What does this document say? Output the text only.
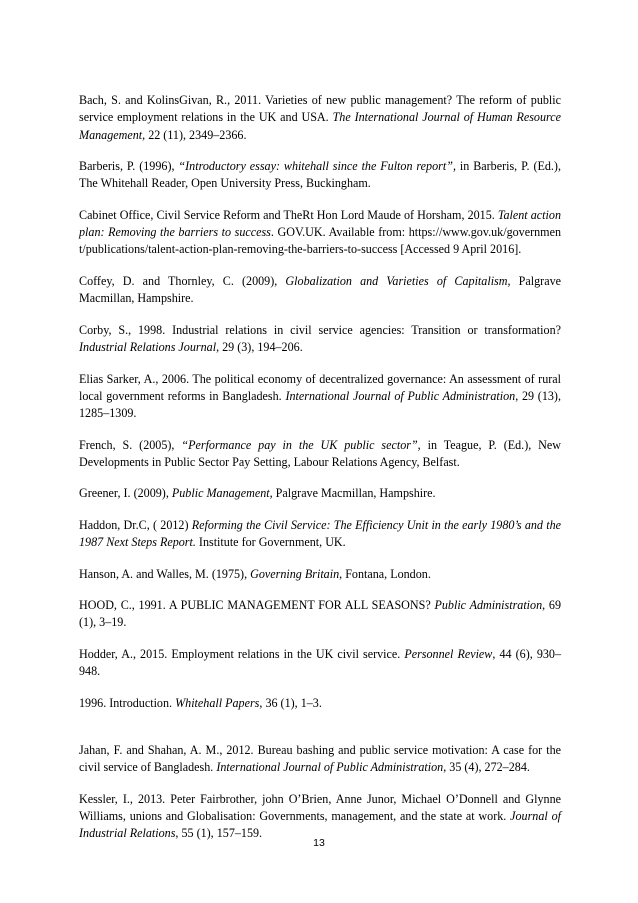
Bach, S. and KolinsGivan, R., 2011. Varieties of new public management? The reform of public service employment relations in the UK and USA. The International Journal of Human Resource Management, 22 (11), 2349–2366.

Barberis, P. (1996), “Introductory essay: whitehall since the Fulton report”, in Barberis, P. (Ed.), The Whitehall Reader, Open University Press, Buckingham.

Cabinet Office, Civil Service Reform and TheRt Hon Lord Maude of Horsham, 2015. Talent action plan: Removing the barriers to success. GOV.UK. Available from: https://www.gov.uk/government/publications/talent-action-plan-removing-the-barriers-to-success [Accessed 9 April 2016].

Coffey, D. and Thornley, C. (2009), Globalization and Varieties of Capitalism, Palgrave Macmillan, Hampshire.

Corby, S., 1998. Industrial relations in civil service agencies: Transition or transformation? Industrial Relations Journal, 29 (3), 194–206.

Elias Sarker, A., 2006. The political economy of decentralized governance: An assessment of rural local government reforms in Bangladesh. International Journal of Public Administration, 29 (13), 1285–1309.

French, S. (2005), “Performance pay in the UK public sector”, in Teague, P. (Ed.), New Developments in Public Sector Pay Setting, Labour Relations Agency, Belfast.

Greener, I. (2009), Public Management, Palgrave Macmillan, Hampshire.

Haddon, Dr.C, ( 2012) Reforming the Civil Service: The Efficiency Unit in the early 1980’s and the 1987 Next Steps Report. Institute for Government, UK.

Hanson, A. and Walles, M. (1975), Governing Britain, Fontana, London.

HOOD, C., 1991. A PUBLIC MANAGEMENT FOR ALL SEASONS? Public Administration, 69 (1), 3–19.

Hodder, A., 2015. Employment relations in the UK civil service. Personnel Review, 44 (6), 930–948.

1996. Introduction. Whitehall Papers, 36 (1), 1–3.

Jahan, F. and Shahan, A. M., 2012. Bureau bashing and public service motivation: A case for the civil service of Bangladesh. International Journal of Public Administration, 35 (4), 272–284.

Kessler, I., 2013. Peter Fairbrother, john O’Brien, Anne Junor, Michael O’Donnell and Glynne Williams, unions and Globalisation: Governments, management, and the state at work. Journal of Industrial Relations, 55 (1), 157–159.

13
